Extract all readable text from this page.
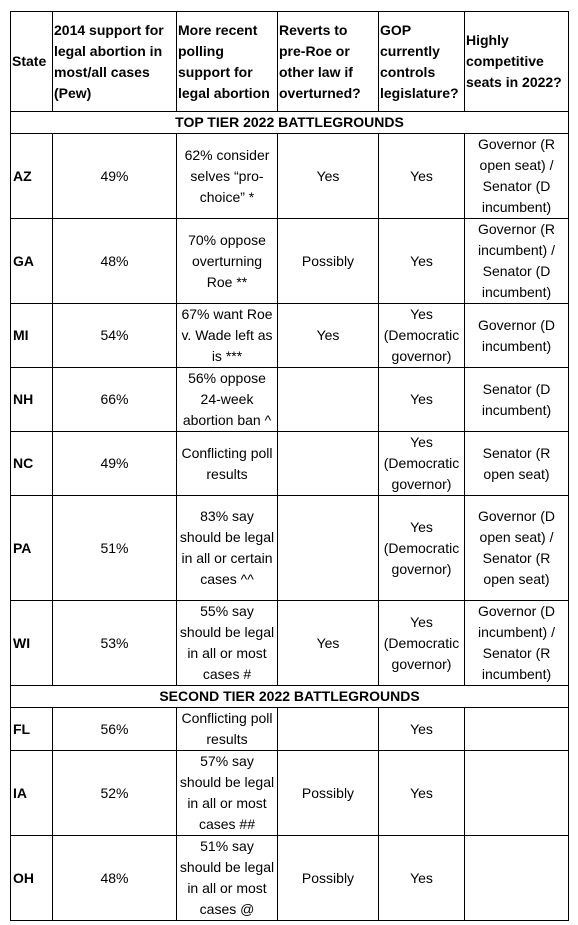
State	2014 support for legal abortion in most/all cases (Pew)	More recent polling support for legal abortion	Reverts to pre-Roe or other law if overturned?	GOP currently controls legislature?	Highly competitive seats in 2022?
TOP TIER 2022 BATTLEGROUNDS					
AZ	49%	62% consider selves “pro-choice” *	Yes	Yes	Governor (R open seat) / Senator (D incumbent)
GA	48%	70% oppose overturning Roe **	Possibly	Yes	Governor (R incumbent) / Senator (D incumbent)
MI	54%	67% want Roe v. Wade left as is ***	Yes	Yes (Democratic governor)	Governor (D incumbent)
NH	66%	56% oppose 24-week abortion ban ^		Yes	Senator (D incumbent)
NC	49%	Conflicting poll results		Yes (Democratic governor)	Senator (R open seat)
PA	51%	83% say should be legal in all or certain cases ^^		Yes (Democratic governor)	Governor (D open seat) / Senator (R open seat)
WI	53%	55% say should be legal in all or most cases #	Yes	Yes (Democratic governor)	Governor (D incumbent) / Senator (R incumbent)
SECOND TIER 2022 BATTLEGROUNDS					
FL	56%	Conflicting poll results		Yes	
IA	52%	57% say should be legal in all or most cases ##	Possibly	Yes	
OH	48%	51% say should be legal in all or most cases @	Possibly	Yes	
